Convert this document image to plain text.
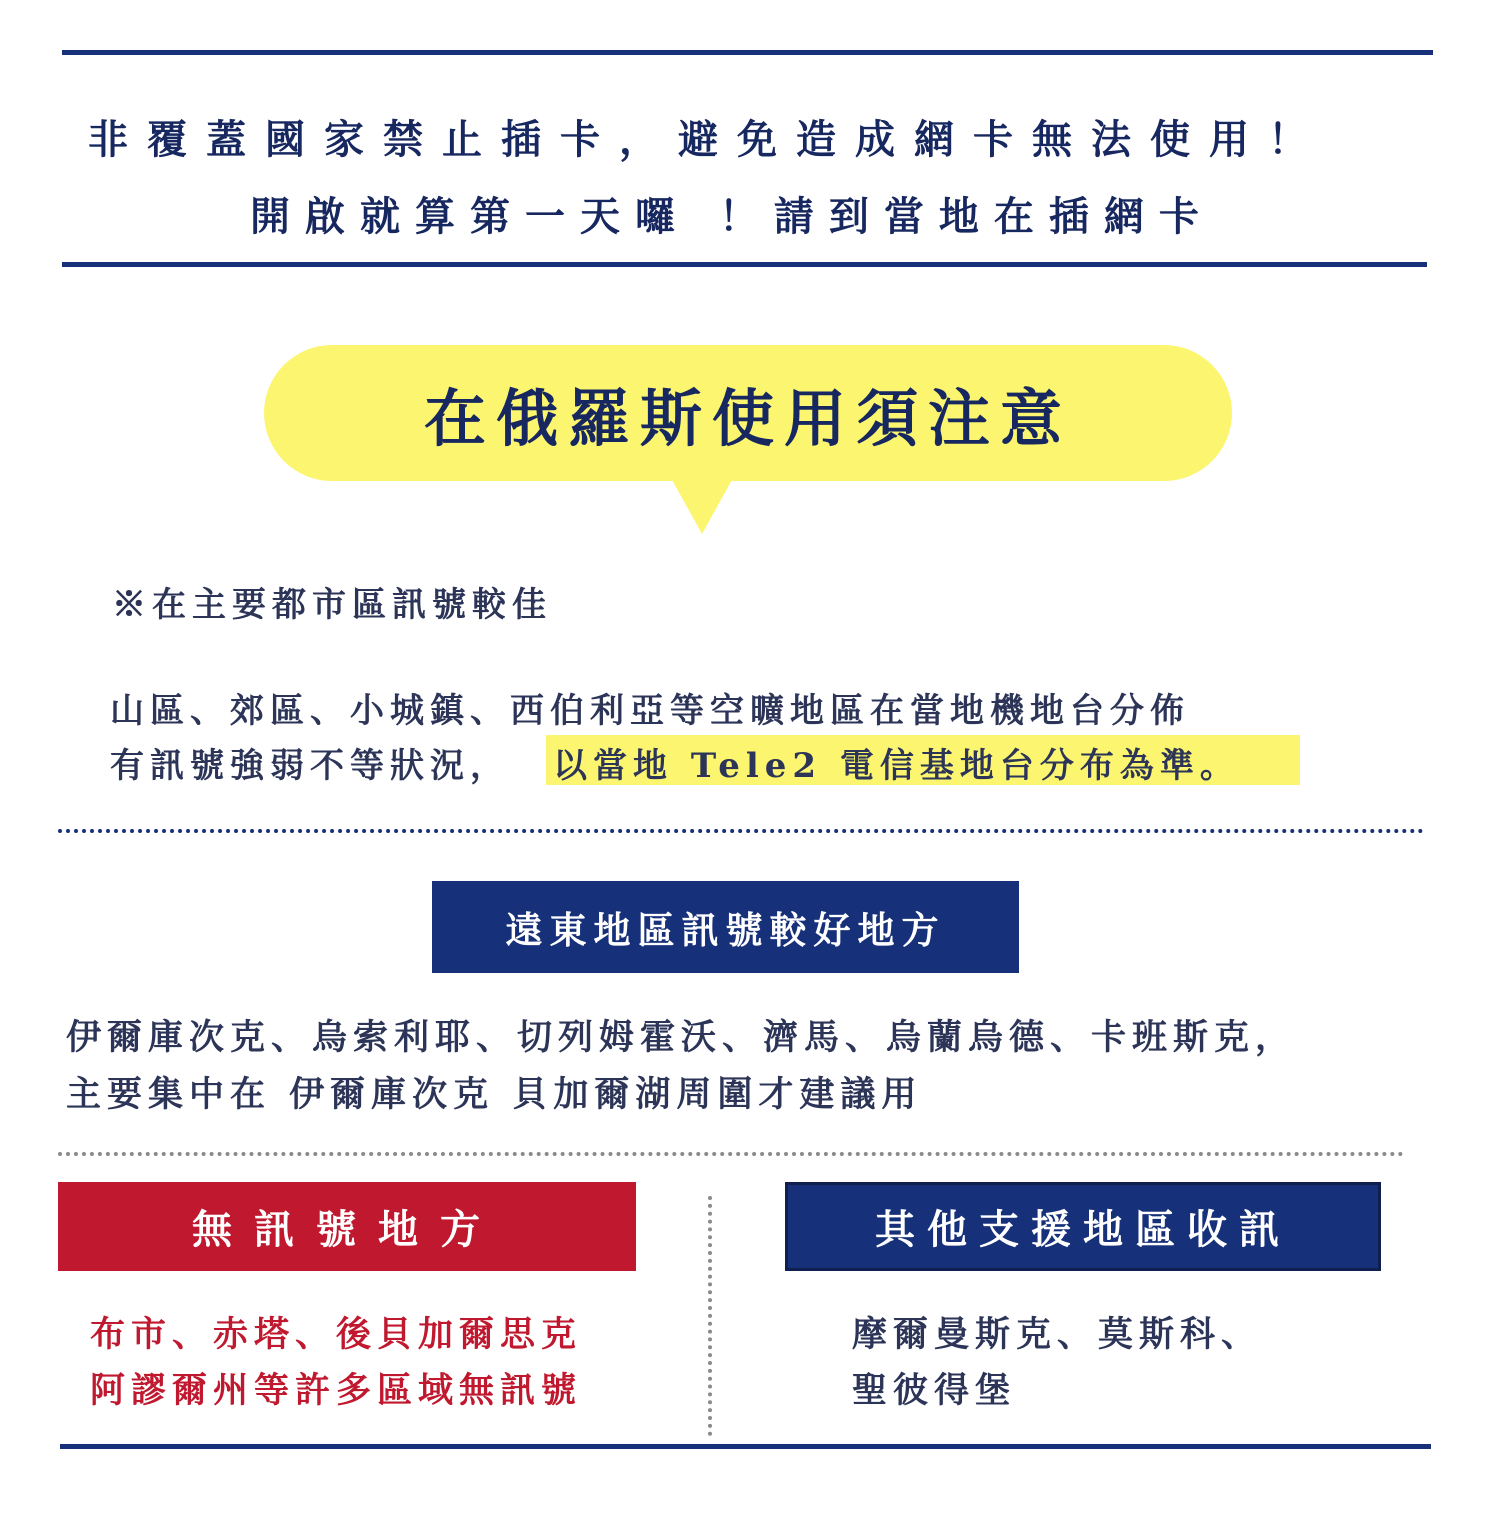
非覆蓋國家禁止插卡，避免造成網卡無法使用！
開啟就算第一天囉 ！請到當地在插網卡
在俄羅斯使用須注意
※在主要都市區訊號較佳
山區、郊區、小城鎮、西伯利亞等空曠地區在當地機地台分佈
有訊號強弱不等狀況， 以當地 Tele2 電信基地台分布為準。
遠東地區訊號較好地方
伊爾庫次克、烏索利耶、切列姆霍沃、濟馬、烏蘭烏德、卡班斯克，
主要集中在 伊爾庫次克 貝加爾湖周圍才建議用
無訊號地方	其他支援地區收訊
布市、赤塔、後貝加爾思克
阿謬爾州等許多區域無訊號
摩爾曼斯克、莫斯科、
聖彼得堡
